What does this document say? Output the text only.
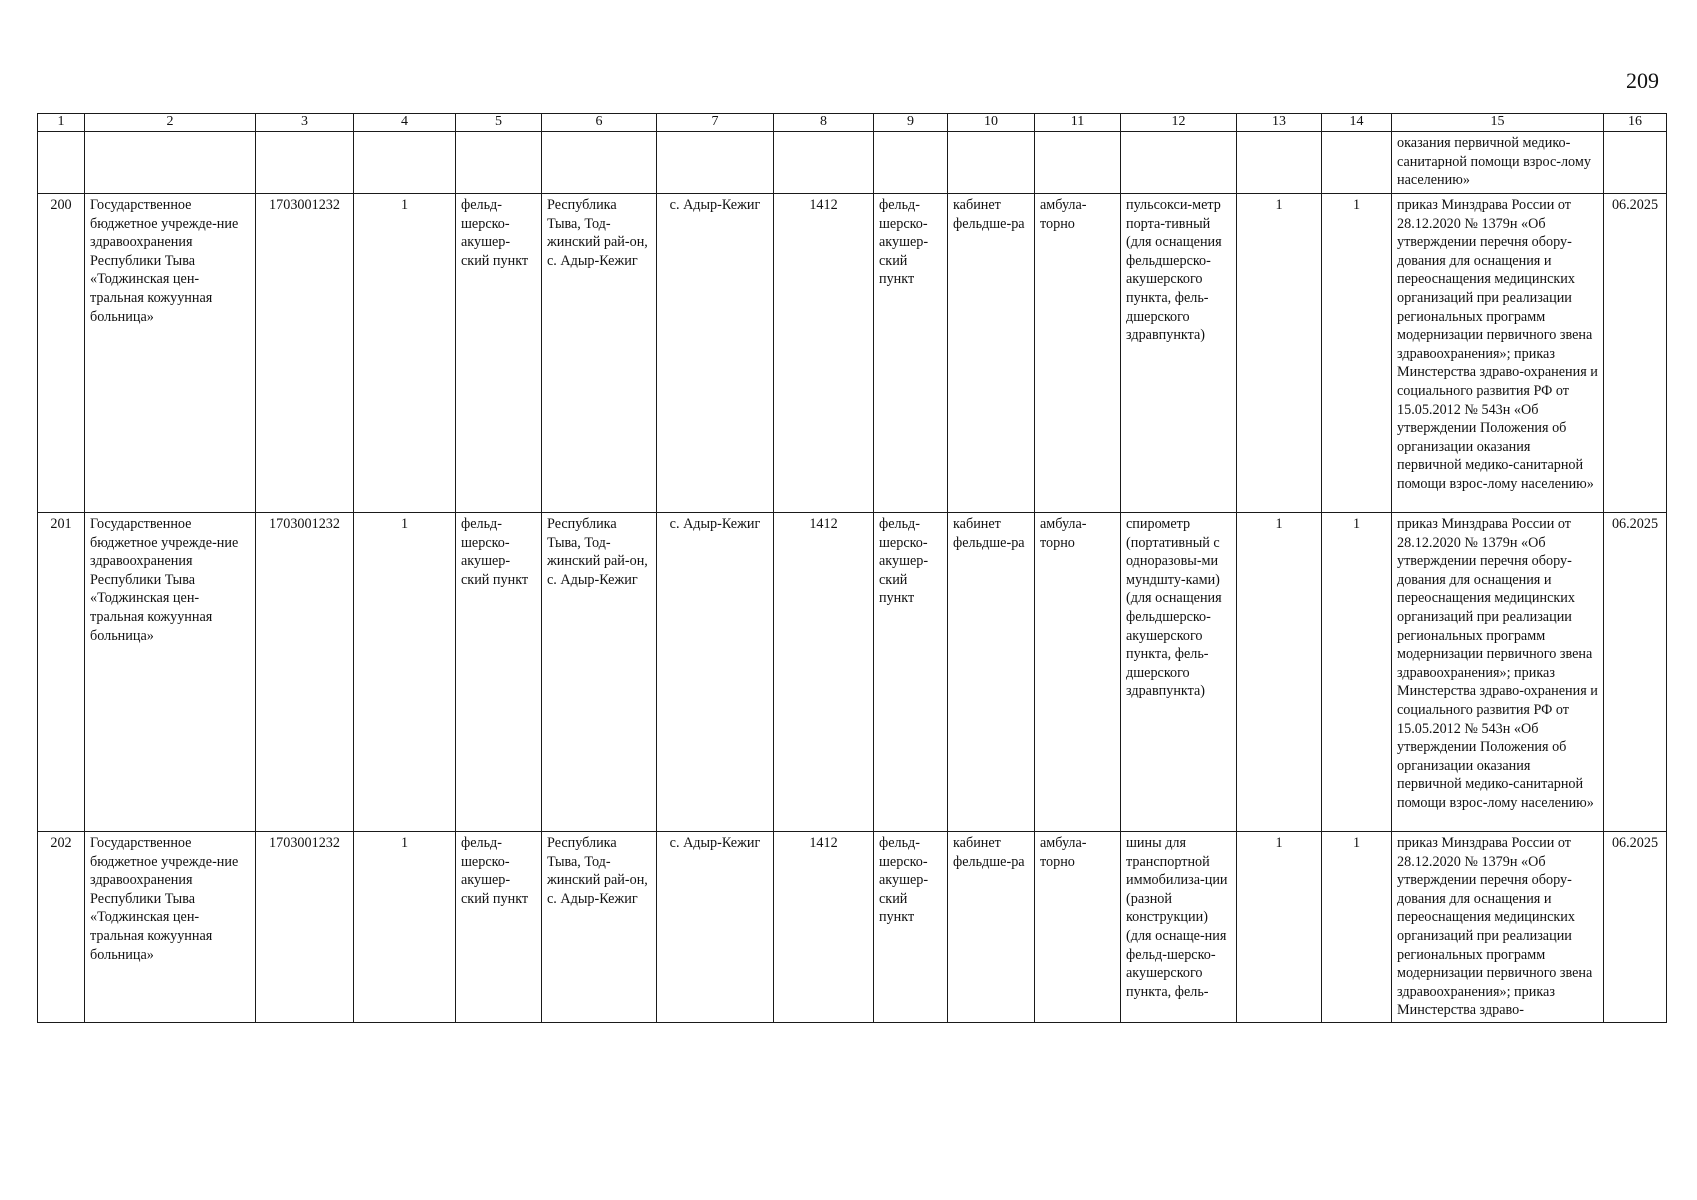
209
1	2	3	4	5	6	7	8	9	10	11	12	13	14	15	16
														оказания первичной медико-санитарной помощи взрос-лому населению»	
200	Государственное бюджетное учрежде-ние здравоохранения Республики Тыва «Тоджинская цен-тральная кожуунная больница»	1703001232	1	фельд-шерско-акушер-ский пункт	Республика Тыва, Тод-жинский рай-он, с. Адыр-Кежиг	с. Адыр-Кежиг	1412	фельд-шерско-акушер-ский пункт	кабинет фельдше-ра	амбула-торно	пульсокси-метр порта-тивный (для оснащения фельдшерско-акушерского пункта, фель-дшерского здравпункта)	1	1	приказ Минздрава России от 28.12.2020 № 1379н «Об утверждении перечня обору-дования для оснащения и переоснащения медицинских организаций при реализации региональных программ модернизации первичного звена здравоохранения»; приказ Минстерства здраво-охранения и социального развития РФ от 15.05.2012 № 543н «Об утверждении Положения об организации оказания первичной медико-санитарной помощи взрос-лому населению»	06.2025
201	Государственное бюджетное учрежде-ние здравоохранения Республики Тыва «Тоджинская цен-тральная кожуунная больница»	1703001232	1	фельд-шерско-акушер-ский пункт	Республика Тыва, Тод-жинский рай-он, с. Адыр-Кежиг	с. Адыр-Кежиг	1412	фельд-шерско-акушер-ский пункт	кабинет фельдше-ра	амбула-торно	спирометр (портативный с одноразовы-ми мундшту-ками) (для оснащения фельдшерско-акушерского пункта, фель-дшерского здравпункта)	1	1	приказ Минздрава России от 28.12.2020 № 1379н «Об утверждении перечня обору-дования для оснащения и переоснащения медицинских организаций при реализации региональных программ модернизации первичного звена здравоохранения»; приказ Минстерства здраво-охранения и социального развития РФ от 15.05.2012 № 543н «Об утверждении Положения об организации оказания первичной медико-санитарной помощи взрос-лому населению»	06.2025
202	Государственное бюджетное учрежде-ние здравоохранения Республики Тыва «Тоджинская цен-тральная кожуунная больница»	1703001232	1	фельд-шерско-акушер-ский пункт	Республика Тыва, Тод-жинский рай-он, с. Адыр-Кежиг	с. Адыр-Кежиг	1412	фельд-шерско-акушер-ский пункт	кабинет фельдше-ра	амбула-торно	шины для транспортной иммобилиза-ции (разной конструкции) (для оснаще-ния фельд-шерско-акушерского пункта, фель-	1	1	приказ Минздрава России от 28.12.2020 № 1379н «Об утверждении перечня обору-дования для оснащения и переоснащения медицинских организаций при реализации региональных программ модернизации первичного звена здравоохранения»; приказ Минстерства здраво-	06.2025
